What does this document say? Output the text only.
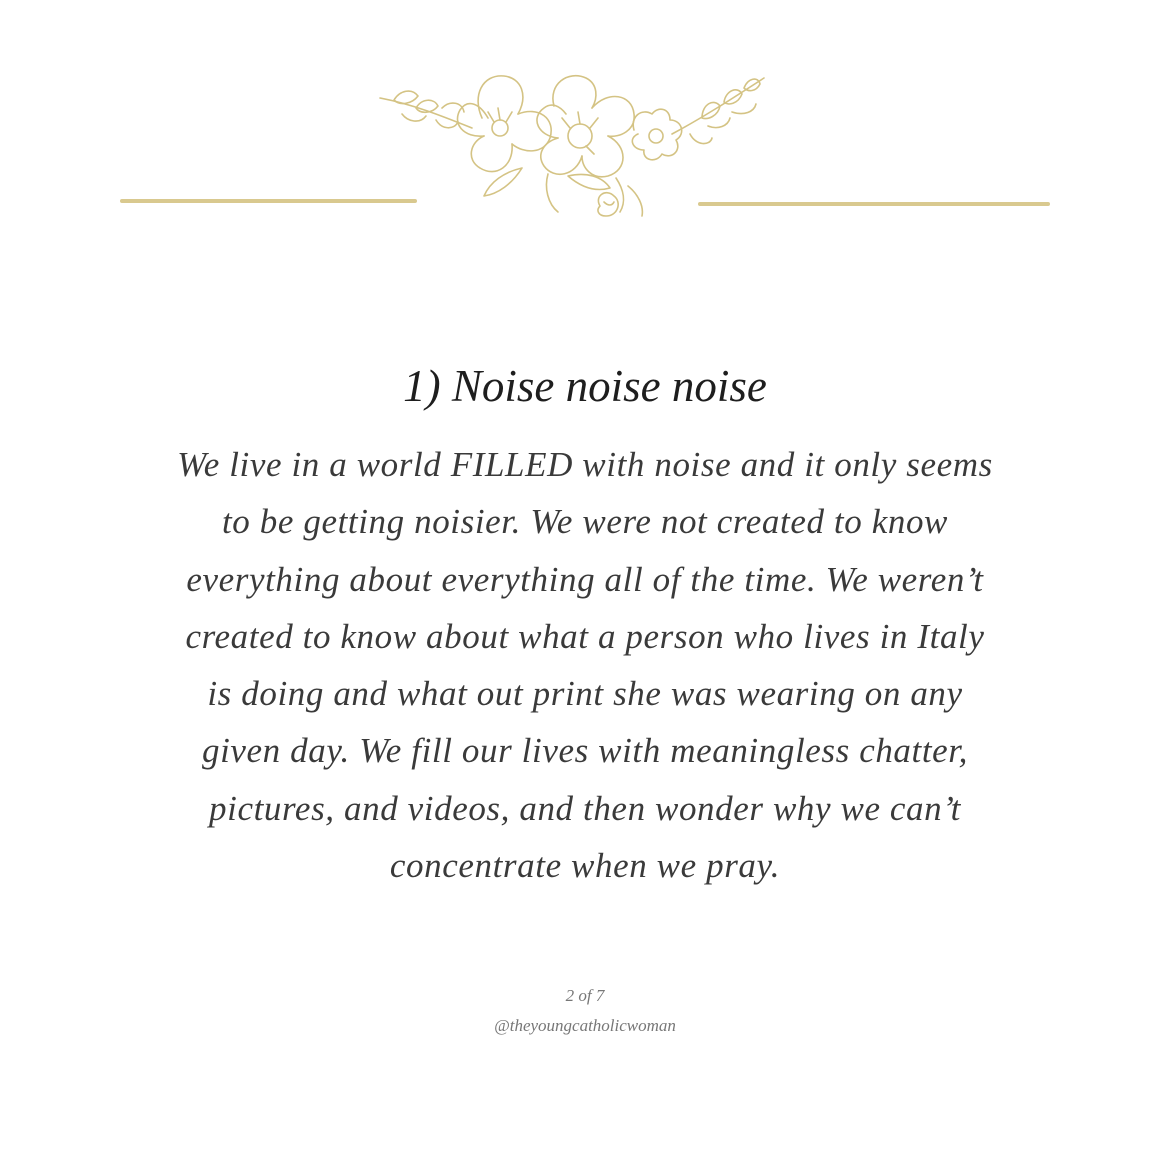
1) Noise noise noise

We live in a world FILLED with noise and it only seems
to be getting noisier. We were not created to know
everything about everything all of the time. We weren’t
created to know about what a person who lives in Italy
is doing and what out print she was wearing on any
given day. We fill our lives with meaningless chatter,
pictures, and videos, and then wonder why we can’t
concentrate when we pray.

2 of 7
@theyoungcatholicwoman
